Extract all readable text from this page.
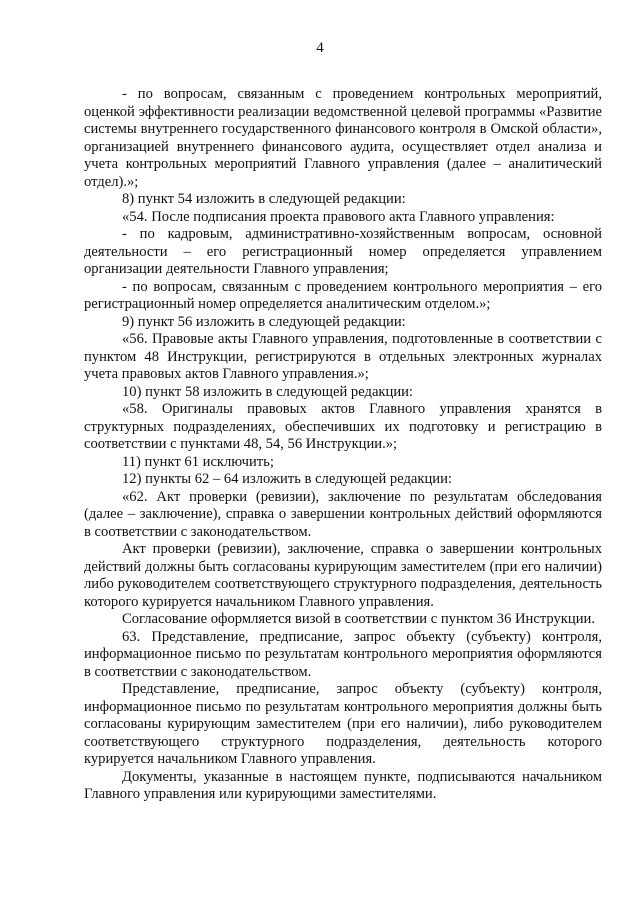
4

- по вопросам, связанным с проведением контрольных мероприятий, оценкой эффективности реализации ведомственной целевой программы «Развитие системы внутреннего государственного финансового контроля в Омской области», организацией внутреннего финансового аудита, осуществляет отдел анализа и учета контрольных мероприятий Главного управления (далее – аналитический отдел).»;

8) пункт 54 изложить в следующей редакции:

«54. После подписания проекта правового акта Главного управления:

- по кадровым, административно-хозяйственным вопросам, основной деятельности – его регистрационный номер определяется управлением организации деятельности Главного управления;

- по вопросам, связанным с проведением контрольного мероприятия – его регистрационный номер определяется аналитическим отделом.»;

9) пункт 56 изложить в следующей редакции:

«56. Правовые акты Главного управления, подготовленные в соответствии с пунктом 48 Инструкции, регистрируются в отдельных электронных журналах учета правовых актов Главного управления.»;

10) пункт 58 изложить в следующей редакции:

«58. Оригиналы правовых актов Главного управления хранятся в структурных подразделениях, обеспечивших их подготовку и регистрацию в соответствии с пунктами 48, 54, 56 Инструкции.»;

11) пункт 61 исключить;

12) пункты 62 – 64 изложить в следующей редакции:

«62. Акт проверки (ревизии), заключение по результатам обследования (далее – заключение), справка о завершении контрольных действий оформляются в соответствии с законодательством.

Акт проверки (ревизии), заключение, справка о завершении контрольных действий должны быть согласованы курирующим заместителем (при его наличии) либо руководителем соответствующего структурного подразделения, деятельность которого курируется начальником Главного управления.

Согласование оформляется визой в соответствии с пунктом 36 Инструкции.

63. Представление, предписание, запрос объекту (субъекту) контроля, информационное письмо по результатам контрольного мероприятия оформляются в соответствии с законодательством.

Представление, предписание, запрос объекту (субъекту) контроля, информационное письмо по результатам контрольного мероприятия должны быть согласованы курирующим заместителем (при его наличии), либо руководителем соответствующего структурного подразделения, деятельность которого курируется начальником Главного управления.

Документы, указанные в настоящем пункте, подписываются начальником Главного управления или курирующими заместителями.
